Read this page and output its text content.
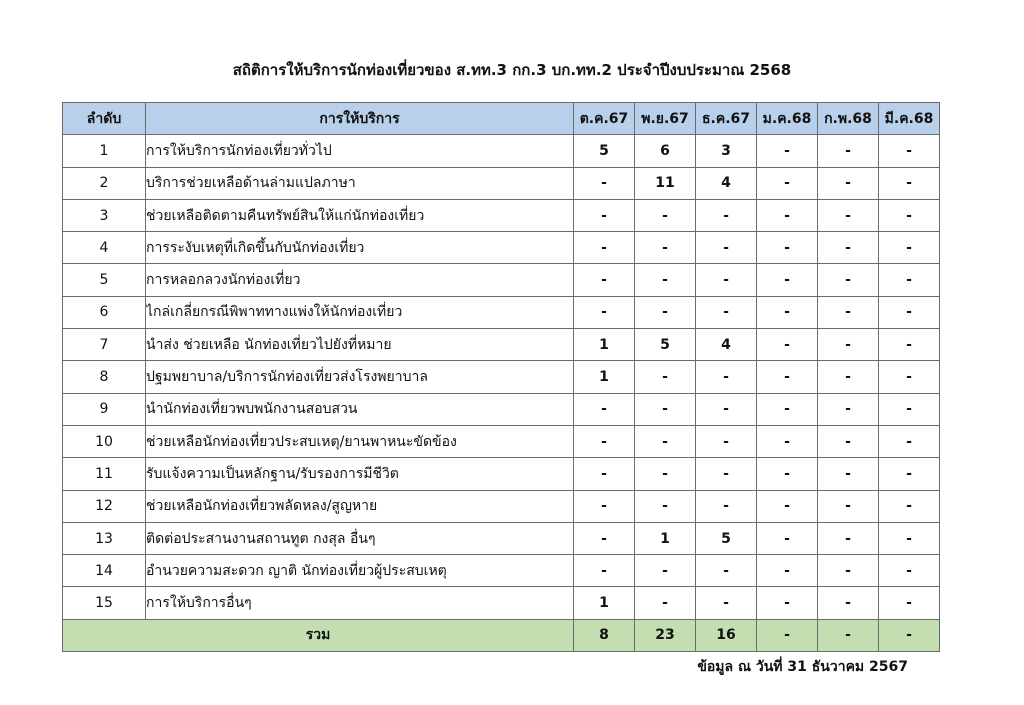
สถิติการให้บริการนักท่องเที่ยวของ ส.ทท.3 กก.3 บก.ทท.2 ประจำปีงบประมาณ 2568
ลำดับ	การให้บริการ	ต.ค.67	พ.ย.67	ธ.ค.67	ม.ค.68	ก.พ.68	มี.ค.68
1	การให้บริการนักท่องเที่ยวทั่วไป	5	6	3	-	-	-
2	บริการช่วยเหลือด้านล่ามแปลภาษา	-	11	4	-	-	-
3	ช่วยเหลือติดตามคืนทรัพย์สินให้แก่นักท่องเที่ยว	-	-	-	-	-	-
4	การระงับเหตุที่เกิดขึ้นกับนักท่องเที่ยว	-	-	-	-	-	-
5	การหลอกลวงนักท่องเที่ยว	-	-	-	-	-	-
6	ไกล่เกลี่ยกรณีพิพาททางแพ่งให้นักท่องเที่ยว	-	-	-	-	-	-
7	นำส่ง ช่วยเหลือ นักท่องเที่ยวไปยังที่หมาย	1	5	4	-	-	-
8	ปฐมพยาบาล/บริการนักท่องเที่ยวส่งโรงพยาบาล	1	-	-	-	-	-
9	นำนักท่องเที่ยวพบพนักงานสอบสวน	-	-	-	-	-	-
10	ช่วยเหลือนักท่องเที่ยวประสบเหตุ/ยานพาหนะขัดข้อง	-	-	-	-	-	-
11	รับแจ้งความเป็นหลักฐาน/รับรองการมีชีวิต	-	-	-	-	-	-
12	ช่วยเหลือนักท่องเที่ยวพลัดหลง/สูญหาย	-	-	-	-	-	-
13	ติดต่อประสานงานสถานทูต กงสุล อื่นๆ	-	1	5	-	-	-
14	อำนวยความสะดวก ญาติ นักท่องเที่ยวผู้ประสบเหตุ	-	-	-	-	-	-
15	การให้บริการอื่นๆ	1	-	-	-	-	-
รวม		8	23	16	-	-	-
ข้อมูล ณ วันที่ 31 ธันวาคม 2567
